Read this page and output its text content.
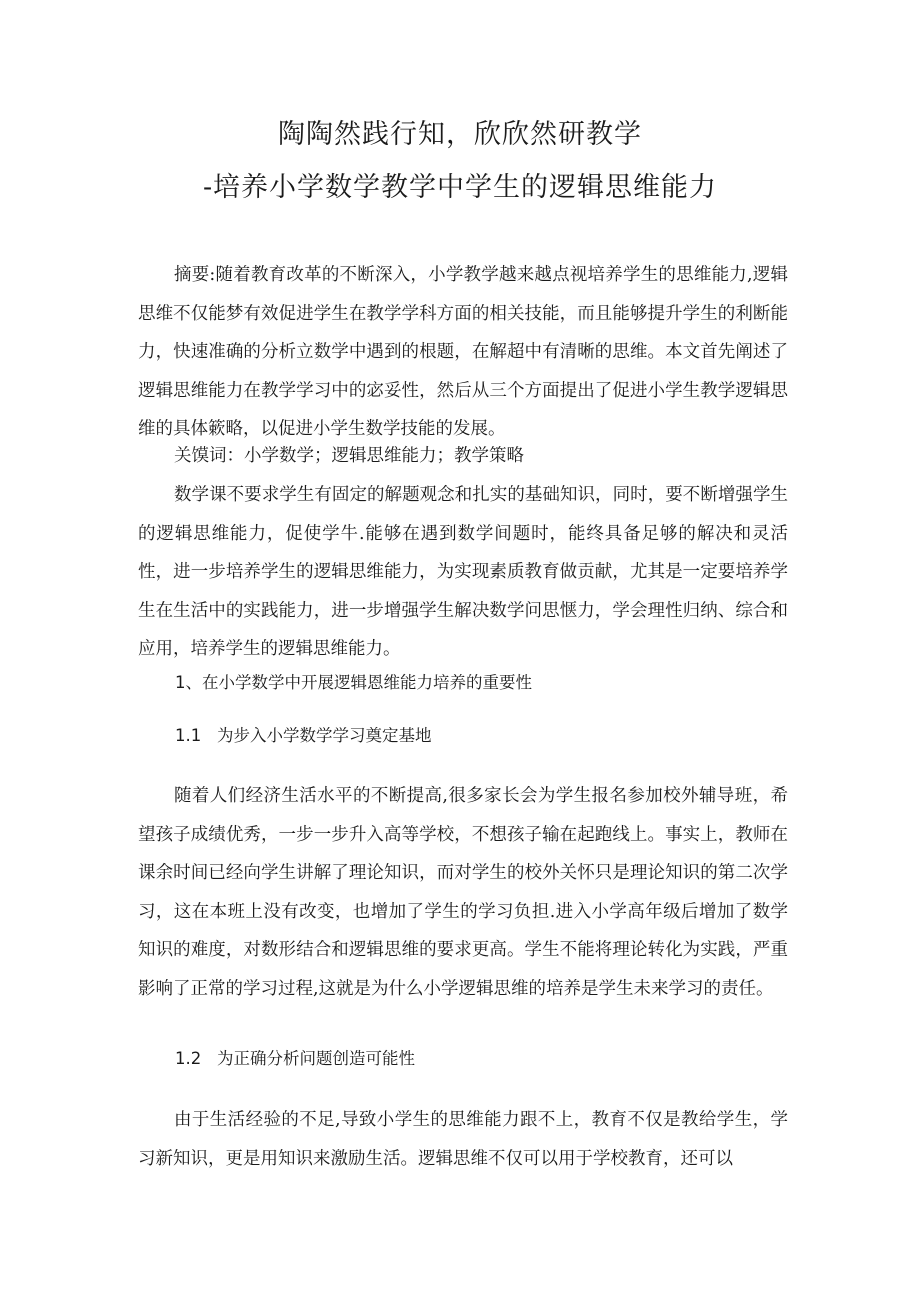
陶陶然践行知，欣欣然研教学
-培养小学数学教学中学生的逻辑思维能力

摘要:随着教育改革的不断深入，小学教学越来越点视培养学生的思维能力,逻辑思维不仅能梦有效促进学生在教学学科方面的相关技能，而且能够提升学生的利断能力，快速准确的分析立数学中遇到的根题，在解超中有清晰的思维。本文首先阐述了逻辑思维能力在教学学习中的宓妥性，然后从三个方面提出了促进小学生教学逻辑思维的具体簌略，以促进小学生数学技能的发展。

关馍词：小学数学；逻辑思维能力；教学策略

数学课不要求学生有固定的解题观念和扎实的基础知识，同时，要不断增强学生的逻辑思维能力，促使学牛.能够在遇到数学间题时，能终具备足够的解决和灵活性，进一步培养学生的逻辑思维能力，为实现素质教育做贡献，尤其是一定要培养学生在生活中的实践能力，进一步增强学生解决数学问思惬力，学会理性归纳、综合和应用，培养学生的逻辑思维能力。

1、在小学数学中开展逻辑恩维能力培养的重要性
1.1   为步入小学数学学习奠定基地

随着人们经济生活水平的不断提高,很多家长会为学生报名参加校外辅导班，希望孩子成绩优秀，一步一步升入高等学校，不想孩子输在起跑线上。事实上，教师在课余时间已经向学生讲解了理论知识，而对学生的校外关怀只是理论知识的第二次学习，这在本班上没有改变，也增加了学生的学习负担.进入小学高年级后增加了数学知识的难度，对数形结合和逻辑思维的要求更高。学生不能将理论转化为实践，严重影响了正常的学习过程,这就是为什么小学逻辑思维的培养是学生未来学习的责任。

1.2   为正确分析问题创造可能性

由于生活经验的不足,导致小学生的思维能力跟不上，教育不仅是教给学生，学习新知识，更是用知识来激励生活。逻辑思维不仅可以用于学校教育，还可以
